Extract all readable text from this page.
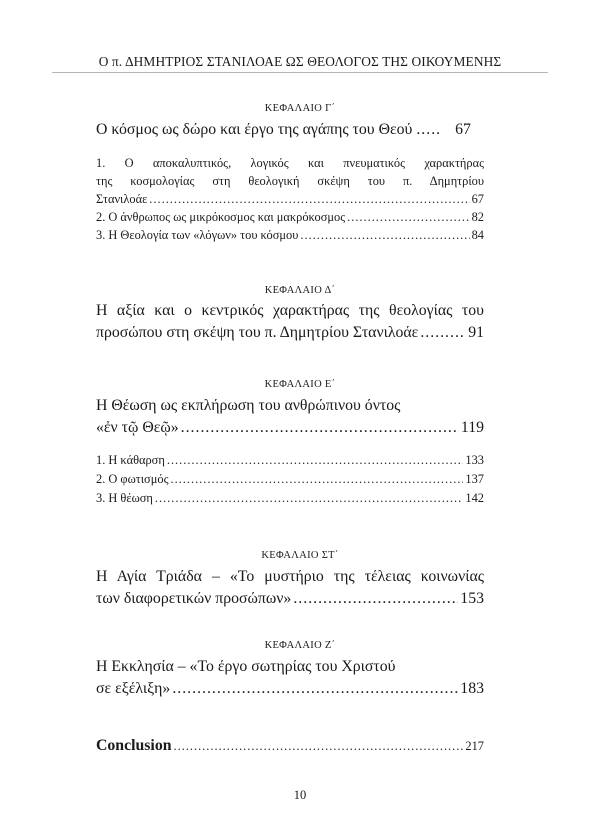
Ο π. ΔΗΜΗΤΡΙΟΣ ΣΤΑΝΙΛΟΑΕ ΩΣ ΘΕΟΛΟΓΟΣ ΤΗΣ ΟΙΚΟΥΜΕΝΗΣ
ΚΕΦΑΛΑΙΟ Γ΄
Ο κόσμος ως δώρο και έργο της αγάπης του Θεού ..... 67
1. Ο αποκαλυπτικός, λογικός και πνευματικός χαρακτήρας
της κοσμολογίας στη θεολογική σκέψη του π. Δημητρίου
Στανιλοάε .....	67
2. Ο άνθρωπος ως μικρόκοσμος και μακρόκοσμος .....	82
3. Η Θεολογία των «λόγων» του κόσμου .....	84
ΚΕΦΑΛΑΙΟ Δ΄
Η αξία και ο κεντρικός χαρακτήρας της θεολογίας του
προσώπου στη σκέψη του π. Δημητρίου Στανιλοάε .....	91
ΚΕΦΑΛΑΙΟ Ε΄
Η Θέωση ως εκπλήρωση του ανθρώπινου όντος
«ἐν τῷ Θεῷ» .....	119
1. Η κάθαρση .....	133
2. Ο φωτισμός .....	137
3. Η θέωση .....	142
ΚΕΦΑΛΑΙΟ ΣΤ΄
Η Αγία Τριάδα – «Το μυστήριο της τέλειας κοινωνίας
των διαφορετικών προσώπων» .....	153
ΚΕΦΑΛΑΙΟ Ζ΄
Η Εκκλησία – «Το έργο σωτηρίας του Χριστού
σε εξέλιξη» .....	183
Conclusion .....	217
10
